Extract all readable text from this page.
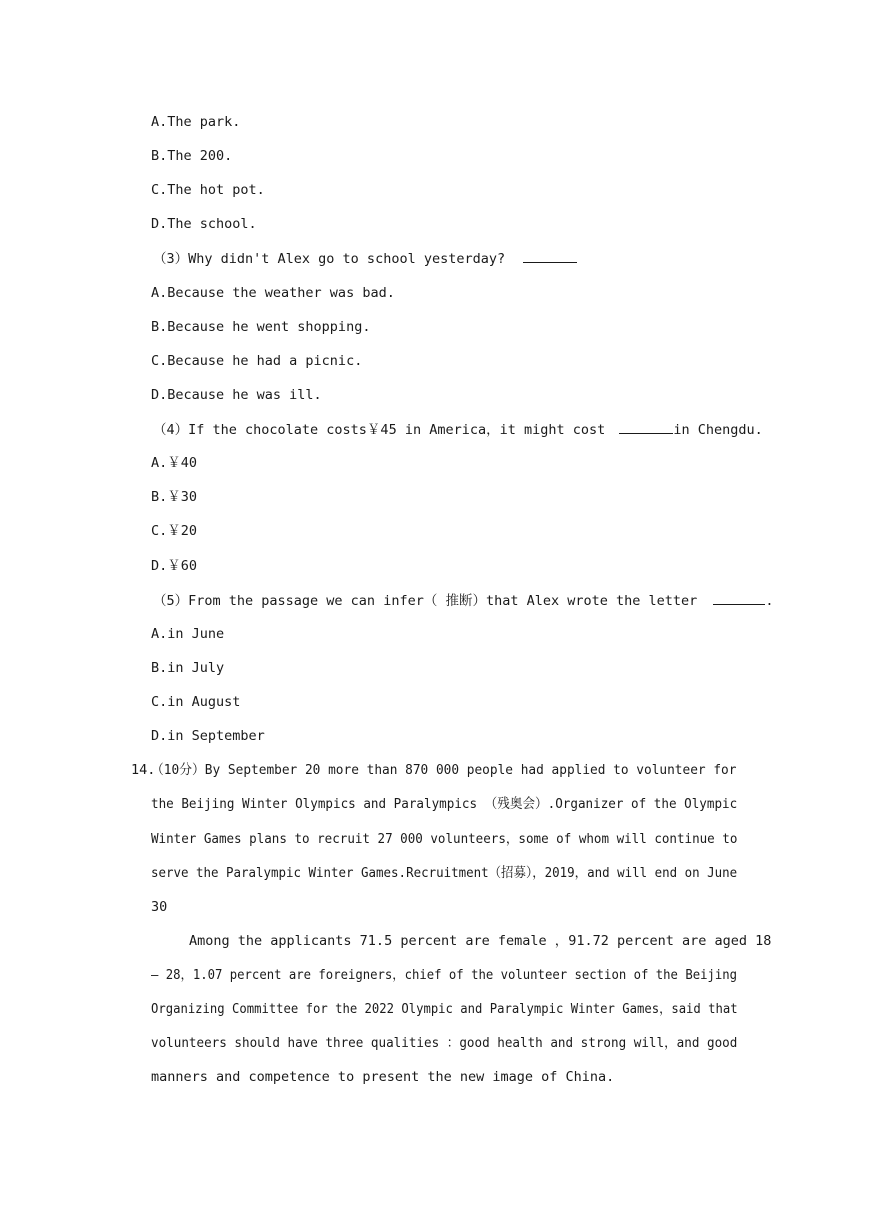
A.The park.
B.The 200.
C.The hot pot.
D.The school.
（3）Why didn't Alex go to school yesterday?
A.Because the weather was bad.
B.Because he went shopping.
C.Because he had a picnic.
D.Because he was ill.
（4）If the chocolate costs￥45 in America，it might cost	in Chengdu.
A.￥40
B.￥30
C.￥20
D.￥60
（5）From the passage we can infer（ 推断）that Alex wrote the letter	.
A.in June
B.in July
C.in August
D.in September
14.
（10分）By September 20 more than 870 000 people had applied to volunteer for
the Beijing Winter Olympics and Paralympics （残奥会）.Organizer of the Olympic
Winter Games plans to recruit 27 000 volunteers，some of whom will continue to
serve the Paralympic Winter Games.Recruitment（招募），2019，and will end on June
30
Among the applicants 71.5 percent are female ，91.72 percent are aged 18
– 28，1.07 percent are foreigners，chief of the volunteer section of the Beijing
Organizing Committee for the 2022 Olympic and Paralympic Winter Games，said that
volunteers should have three qualities ：good health and strong will，and good
manners and competence to present the new image of China.
